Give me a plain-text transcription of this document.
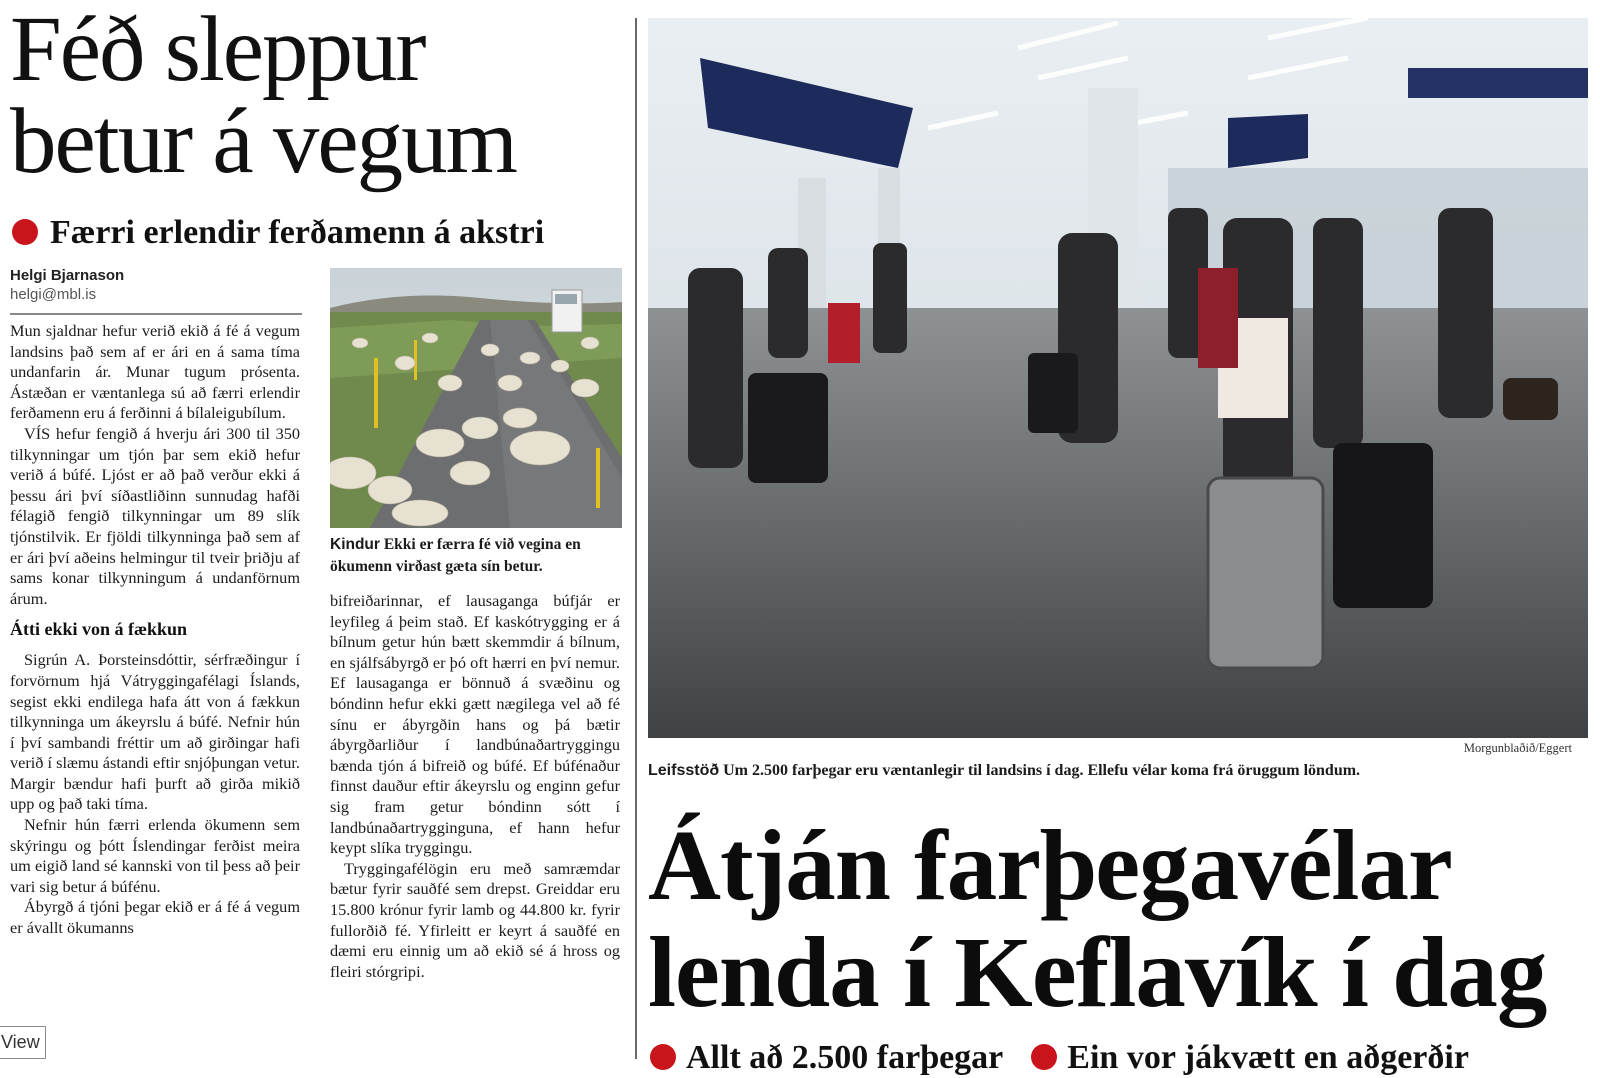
Féð sleppur
betur á vegum
Færri erlendir ferðamenn á akstri
Helgi Bjarnason
helgi@mbl.is

Mun sjaldnar hefur verið ekið á fé á vegum landsins það sem af er ári en á sama tíma undanfarin ár. Munar tugum prósenta. Ástæðan er væntanlega sú að færri erlendir ferðamenn eru á ferðinni á bílaleigubílum.

VÍS hefur fengið á hverju ári 300 til 350 tilkynningar um tjón þar sem ekið hefur verið á búfé. Ljóst er að það verður ekki á þessu ári því síðastliðinn sunnudag hafði félagið fengið tilkynningar um 89 slík tjónstilvik. Er fjöldi tilkynninga það sem af er ári því aðeins helmingur til tveir þriðju af sams konar tilkynningum á undanförnum árum.

Átti ekki von á fækkun

Sigrún A. Þorsteinsdóttir, sérfræðingur í forvörnum hjá Vátryggingafélagi Íslands, segist ekki endilega hafa átt von á fækkun tilkynninga um ákeyrslu á búfé. Nefnir hún í því sambandi fréttir um að girðingar hafi verið í slæmu ástandi eftir snjóþungan vetur. Margir bændur hafi þurft að girða mikið upp og það taki tíma.

Nefnir hún færri erlenda ökumenn sem skýringu og þótt Íslendingar ferðist meira um eigið land sé kannski von til þess að þeir vari sig betur á búfénu.

Ábyrgð á tjóni þegar ekið er á fé á vegum er ávallt ökumanns

Kindur Ekki er færra fé við vegina en ökumenn virðast gæta sín betur.

bifreiðarinnar, ef lausaganga búfjár er leyfileg á þeim stað. Ef kaskótrygging er á bílnum getur hún bætt skemmdir á bílnum, en sjálfsábyrgð er þó oft hærri en því nemur. Ef lausaganga er bönnuð á svæðinu og bóndinn hefur ekki gætt nægilega vel að fé sínu er ábyrgðin hans og þá bætir ábyrgðarliður í landbúnaðartryggingu bænda tjón á bifreið og búfé. Ef búfénaður finnst dauður eftir ákeyrslu og enginn gefur sig fram getur bóndinn sótt í landbúnaðartrygginguna, ef hann hefur keypt slíka tryggingu.

Tryggingafélögin eru með samræmdar bætur fyrir sauðfé sem drepst. Greiddar eru 15.800 krónur fyrir lamb og 44.800 kr. fyrir fullorðið fé. Yfirleitt er keyrt á sauðfé en dæmi eru einnig um að ekið sé á hross og fleiri stórgripi.

View

Morgunblaðið/Eggert

Leifsstöð Um 2.500 farþegar eru væntanlegir til landsins í dag. Ellefu vélar koma frá öruggum löndum.

Átján farþegavélar
lenda í Keflavík í dag
Allt að 2.500 farþegar Ein vor jákvætt en aðgerðir
